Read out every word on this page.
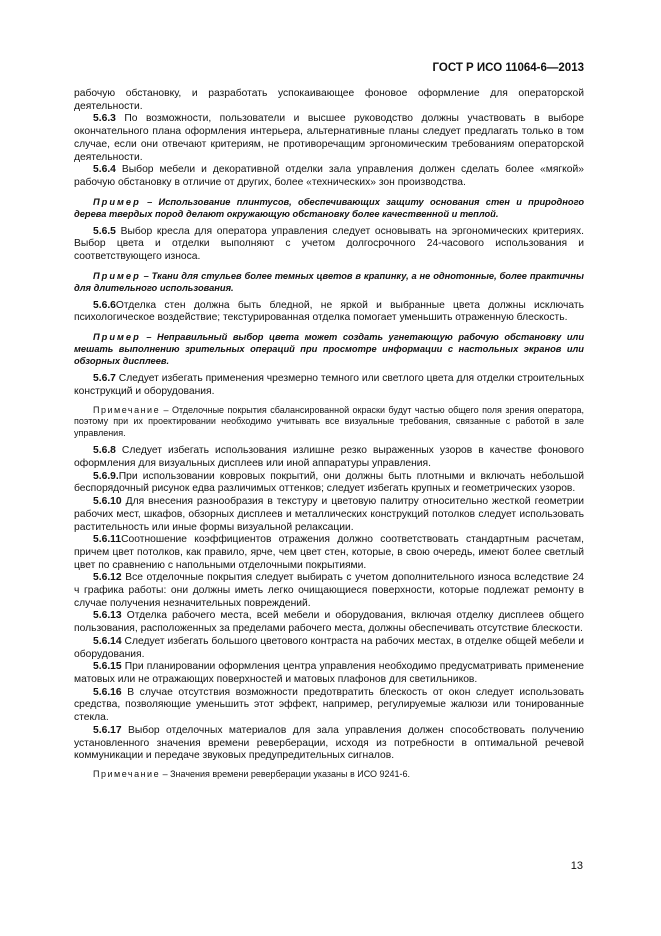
ГОСТ Р ИСО 11064-6—2013

рабочую обстановку, и разработать успокаивающее фоновое оформление для операторской деятельности.

5.6.3 По возможности, пользователи и высшее руководство должны участвовать в выборе окончательного плана оформления интерьера, альтернативные планы следует предлагать только в том случае, если они отвечают критериям, не противоречащим эргономическим требованиям операторской деятельности.

5.6.4 Выбор мебели и декоративной отделки зала управления должен сделать более «мягкой» рабочую обстановку в отличие от других, более «технических» зон производства.

Пример – Использование плинтусов, обеспечивающих защиту основания стен и природного дерева твердых пород делают окружающую обстановку более качественной и теплой.

5.6.5 Выбор кресла для оператора управления следует основывать на эргономических критериях. Выбор цвета и отделки выполняют с учетом долгосрочного 24-часового использования и соответствующего износа.

Пример – Ткани для стульев более темных цветов в крапинку, а не однотонные, более практичны для длительного использования.

5.6.6Отделка стен должна быть бледной, не яркой и выбранные цвета должны исключать психологическое воздействие; текстурированная отделка помогает уменьшить отраженную блескость.

Пример – Неправильный выбор цвета может создать угнетающую рабочую обстановку или мешать выполнению зрительных операций при просмотре информации с настольных экранов или обзорных дисплеев.

5.6.7 Следует избегать применения чрезмерно темного или светлого цвета для отделки строительных конструкций и оборудования.

Примечание – Отделочные покрытия сбалансированной окраски будут частью общего поля зрения оператора, поэтому при их проектировании необходимо учитывать все визуальные требования, связанные с работой в зале управления.

5.6.8 Следует избегать использования излишне резко выраженных узоров в качестве фонового оформления для визуальных дисплеев или иной аппаратуры управления.

5.6.9.При использовании ковровых покрытий, они должны быть плотными и включать небольшой беспорядочный рисунок едва различимых оттенков; следует избегать крупных и геометрических узоров.

5.6.10 Для внесения разнообразия в текстуру и цветовую палитру относительно жесткой геометрии рабочих мест, шкафов, обзорных дисплеев и металлических конструкций потолков следует использовать растительность или иные формы визуальной релаксации.

5.6.11Соотношение коэффициентов отражения должно соответствовать стандартным расчетам, причем цвет потолков, как правило, ярче, чем цвет стен, которые, в свою очередь, имеют более светлый цвет по сравнению с напольными отделочными покрытиями.

5.6.12 Все отделочные покрытия следует выбирать с учетом дополнительного износа вследствие 24 ч графика работы: они должны иметь легко очищающиеся поверхности, которые подлежат ремонту в случае получения незначительных повреждений.

5.6.13 Отделка рабочего места, всей мебели и оборудования, включая отделку дисплеев общего пользования, расположенных за пределами рабочего места, должны обеспечивать отсутствие блескости.

5.6.14 Следует избегать большого цветового контраста на рабочих местах, в отделке общей мебели и оборудования.

5.6.15 При планировании оформления центра управления необходимо предусматривать применение матовых или не отражающих поверхностей и матовых плафонов для светильников.

5.6.16 В случае отсутствия возможности предотвратить блескость от окон следует использовать средства, позволяющие уменьшить этот эффект, например, регулируемые жалюзи или тонированные стекла.

5.6.17 Выбор отделочных материалов для зала управления должен способствовать получению установленного значения времени реверберации, исходя из потребности в оптимальной речевой коммуникации и передаче звуковых предупредительных сигналов.

Примечание – Значения времени реверберации указаны в ИСО 9241-6.

13
